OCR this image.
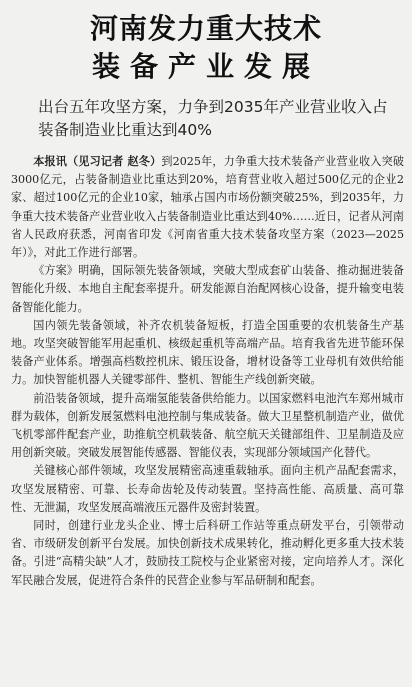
河南发力重大技术
装备产业发展
出台五年攻坚方案，力争到2035年产业营业收入占装备制造业比重达到40%

本报讯（见习记者 赵冬）到2025年，力争重大技术装备产业营业收入突破3000亿元，占装备制造业比重达到20%，培育营业收入超过500亿元的企业2家、超过100亿元的企业10家，轴承占国内市场份额突破25%，到2035年，力争重大技术装备产业营业收入占装备制造业比重达到40%……近日，记者从河南省人民政府获悉，河南省印发《河南省重大技术装备攻坚方案（2023—2025年）》，对此工作进行部署。

《方案》明确，国际领先装备领域，突破大型成套矿山装备、推动掘进装备智能化升级、本地自主配套率提升。研发能源自治配网核心设备，提升输变电装备智能化能力。

国内领先装备领域，补齐农机装备短板，打造全国重要的农机装备生产基地。攻坚突破智能军用起重机、核级起重机等高端产品。培育我省先进节能环保装备产业体系。增强高档数控机床、锻压设备，增材设备等工业母机有效供给能力。加快智能机器人关键零部件、整机、智能生产线创新突破。

前沿装备领域，提升高端氢能装备供给能力。以国家燃料电池汽车郑州城市群为载体，创新发展氢燃料电池控制与集成装备。做大卫星整机制造产业，做优飞机零部件配套产业，助推航空机载装备、航空航天关键部组件、卫星制造及应用创新突破。突破发展智能传感器、智能仪表，实现部分领域国产化替代。

关键核心部件领域，攻坚发展精密高速重载轴承。面向主机产品配套需求，攻坚发展精密、可靠、长寿命齿轮及传动装置。坚持高性能、高质量、高可靠性、无泄漏，攻坚发展高端液压元器件及密封装置。

同时，创建行业龙头企业、博士后科研工作站等重点研发平台，引领带动省、市级研发创新平台发展。加快创新技术成果转化，推动孵化更多重大技术装备。引进“高精尖缺”人才，鼓励技工院校与企业紧密对接，定向培养人才。深化军民融合发展，促进符合条件的民营企业参与军品研制和配套。
